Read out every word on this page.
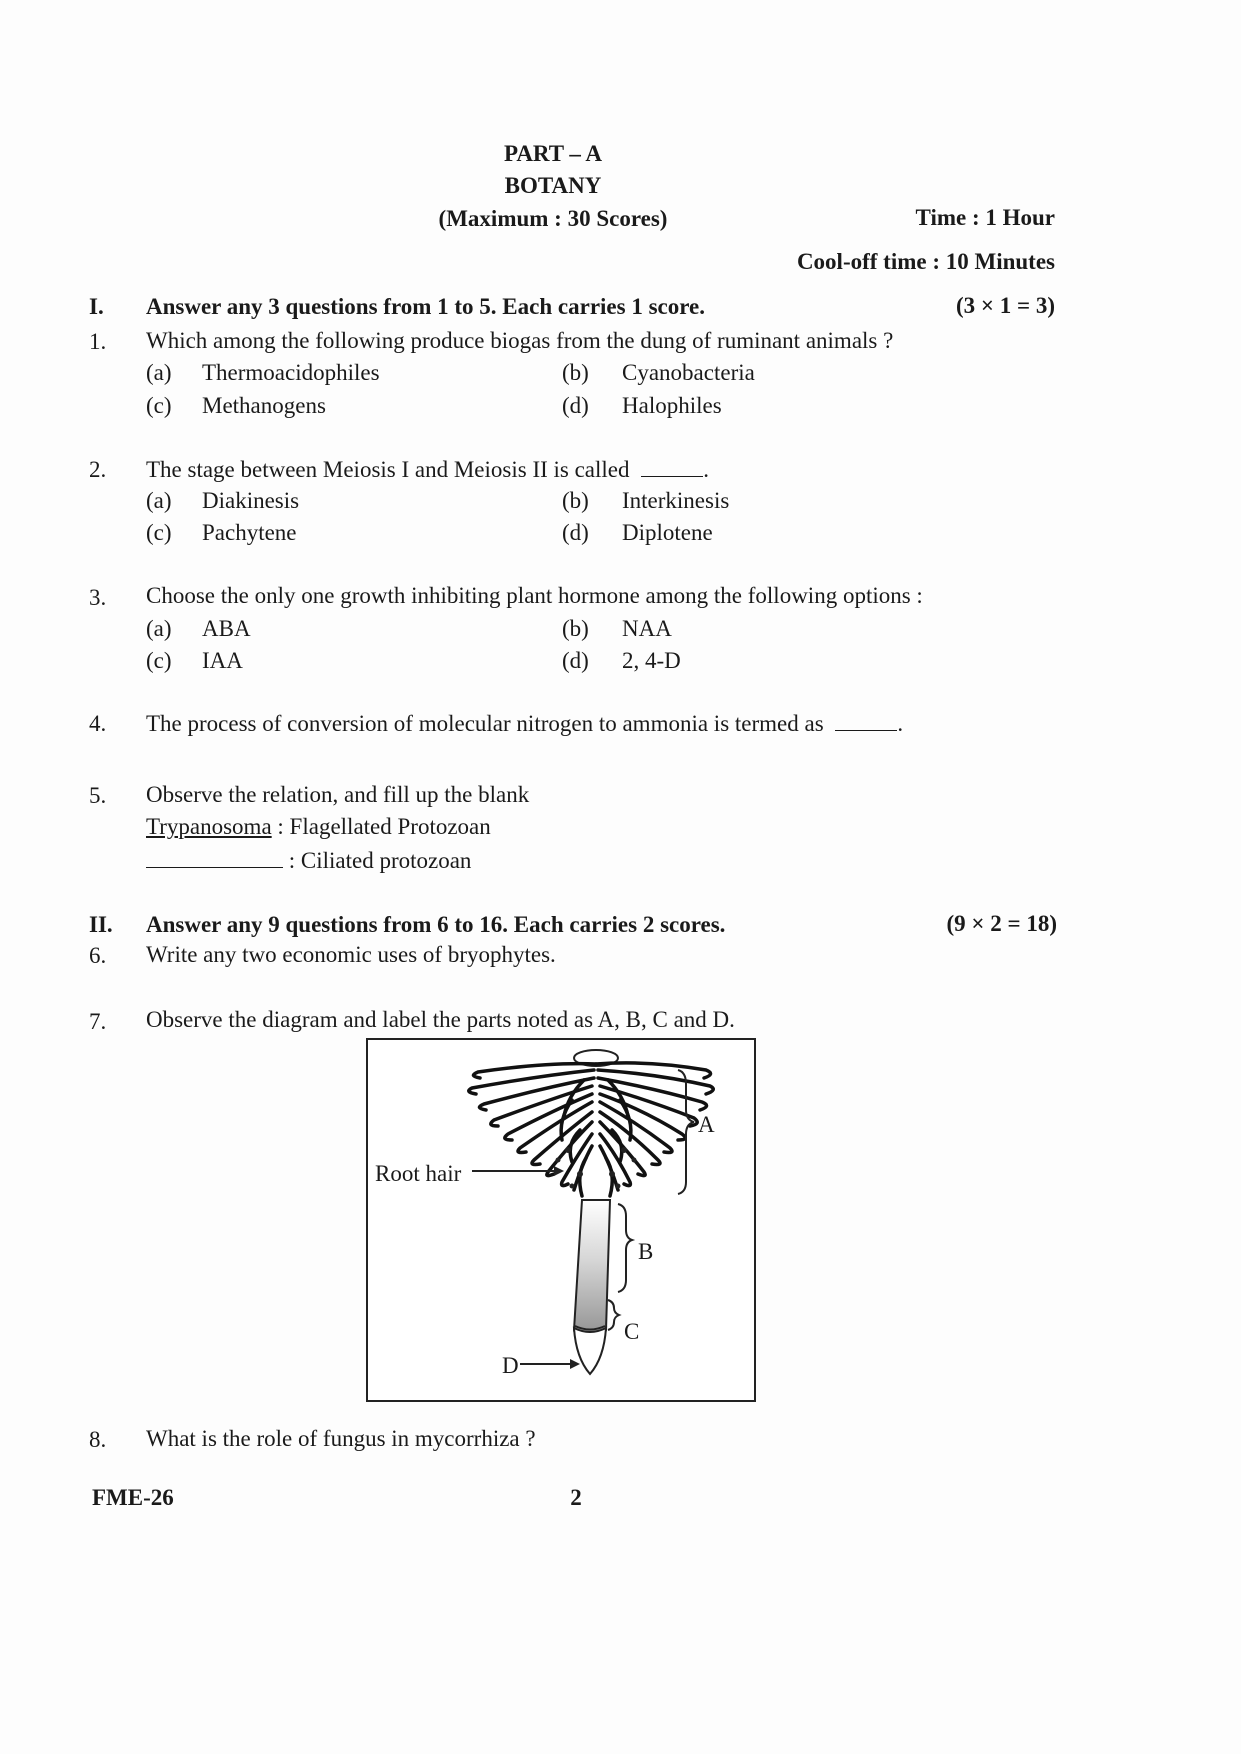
PART – A
BOTANY
(Maximum : 30 Scores)	Time : 1 Hour
Cool-off time : 10 Minutes
I.	Answer any 3 questions from 1 to 5. Each carries 1 score.	(3 × 1 = 3)
1.	Which among the following produce biogas from the dung of ruminant animals ?
(a) Thermoacidophiles	(b) Cyanobacteria
(c) Methanogens	(d) Halophiles
2.	The stage between Meiosis I and Meiosis II is called	.
(a) Diakinesis	(b) Interkinesis
(c) Pachytene	(d) Diplotene
3.	Choose the only one growth inhibiting plant hormone among the following options :
(a) ABA	(b) NAA
(c) IAA	(d) 2, 4-D
4.	The process of conversion of molecular nitrogen to ammonia is termed as	.
5.	Observe the relation, and fill up the blank
Trypanosoma : Flagellated Protozoan
: Ciliated protozoan
II.	Answer any 9 questions from 6 to 16. Each carries 2 scores.	(9 × 2 = 18)
6.	Write any two economic uses of bryophytes.
7.	Observe the diagram and label the parts noted as A, B, C and D.
Root hair
A
B
C
D
8.	What is the role of fungus in mycorrhiza ?
FME-26	2
